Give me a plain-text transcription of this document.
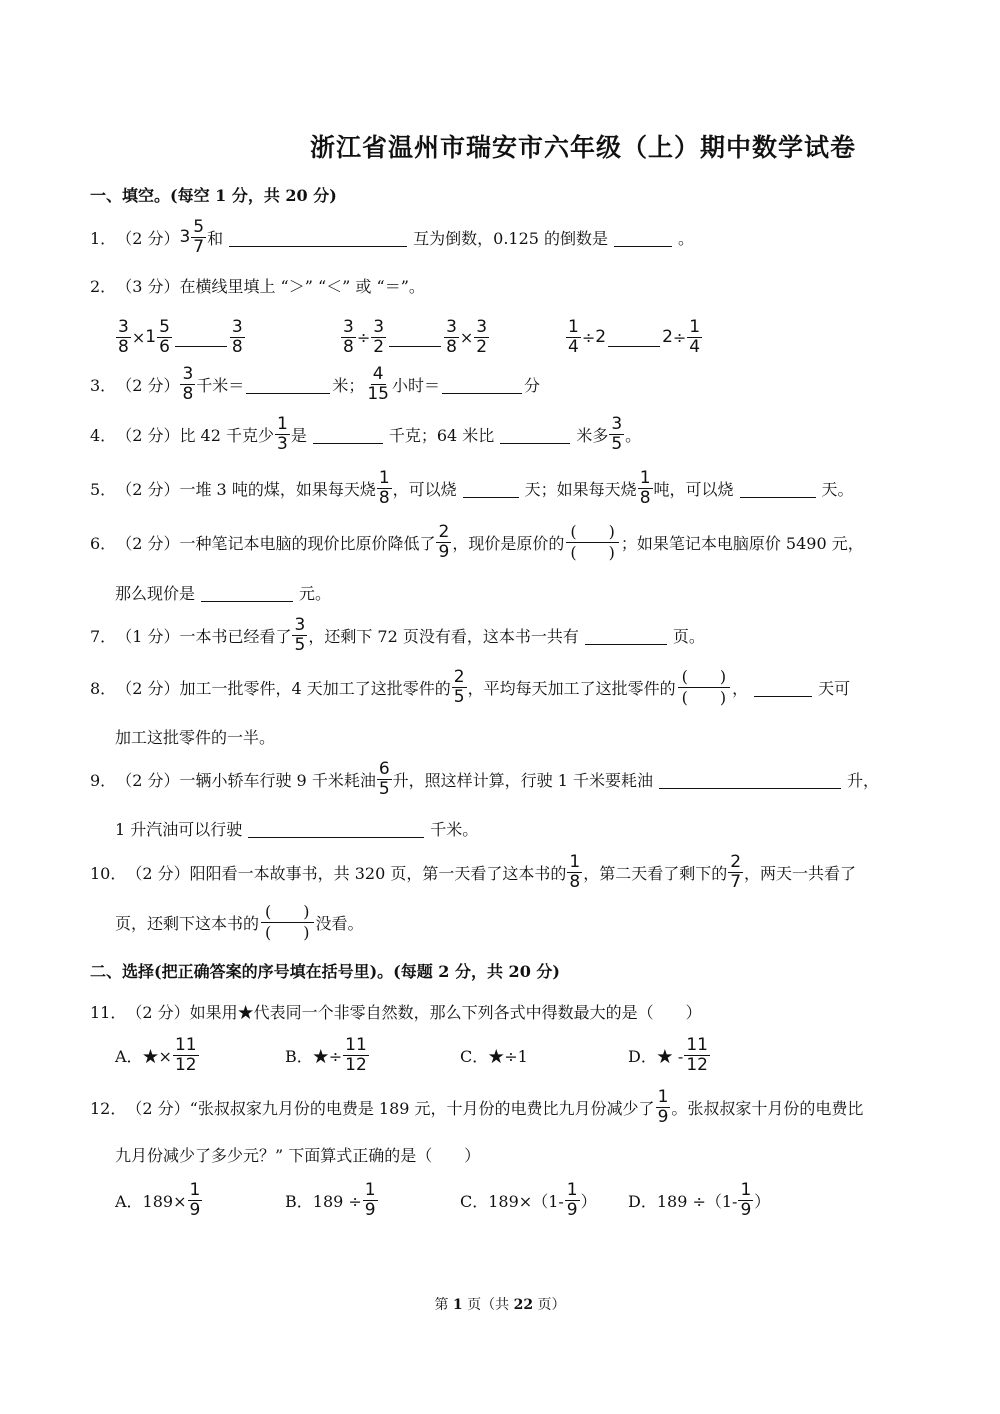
浙江省温州市瑞安市六年级（上）期中数学试卷
一、填空。(每空 1 分，共 20 分)
1． （2 分） $3 \frac{5}{7}$ 和	互为倒数，0.125 的倒数是	。
2． （3 分） 在横线里填上 “＞” “＜” 或 “＝”。
$\frac{3}{8} \times 1 \frac{5}{6}$	$\frac{3}{8}$	$\frac{3}{8} \div \frac{3}{2}$	$\frac{3}{8} \times \frac{3}{2}$	$\frac{1}{4} \div 2$	$2 \div \frac{1}{4}$
3． （2 分） $\frac{3}{8}$ 千米＝	米； $\frac{4}{15}$ 小时＝	分
4． （2 分） 比 42 千克少 $\frac{1}{3}$ 是	千克；64 米比	米多 $\frac{3}{5}$ 。
5． （2 分） 一堆 3 吨的煤，如果每天烧 $\frac{1}{8}$ ，可以烧	天；如果每天烧 $\frac{1}{8}$ 吨，可以烧	天。
6． （2 分） 一种笔记本电脑的现价比原价降低了 $\frac{2}{9}$ ，现价是原价的
(　　)
(　　) ；如果笔记本电脑原价 5490 元，
那么现价是	元。
7． （1 分） 一本书已经看了 $\frac{3}{5}$ ，还剩下 72 页没有看，这本书一共有	页。
8． （2 分） 加工一批零件，4 天加工了这批零件的 $\frac{2}{5}$ ，平均每天加工了这批零件的
(　　)
(　　) ，	天可
加工这批零件的一半。
9． （2 分） 一辆小轿车行驶 9 千米耗油 $\frac{6}{5}$ 升，照这样计算，行驶 1 千米要耗油	升，
1 升汽油可以行驶	千米。
10． （2 分） 阳阳看一本故事书，共 320 页，第一天看了这本书的 $\frac{1}{8}$ ，第二天看了剩下的 $\frac{2}{7}$ ，两天一共看了
页，还剩下这本书的
(　　)
(　　) 没看。
二、选择(把正确答案的序号填在括号里)。(每题 2 分，共 20 分)
11． （2 分） 如果用★代表同一个非零自然数，那么下列各式中得数最大的是（　　）
A．★× $\frac{11}{12}$	B．★÷ $\frac{11}{12}$	C．★÷1	D．★ - $\frac{11}{12}$
12． （2 分） “张叔叔家九月份的电费是 189 元，十月份的电费比九月份减少了 $\frac{1}{9}$ 。张叔叔家十月份的电费比
九月份减少了多少元？” 下面算式正确的是（　　）
A．$189\times \frac{1}{9}$	B．$189 \div \frac{1}{9}$	C．$189\times(1- \frac{1}{9}$ ） D．$189 \div(1- \frac{1}{9}$ ）
第 1 页（共 22 页）
